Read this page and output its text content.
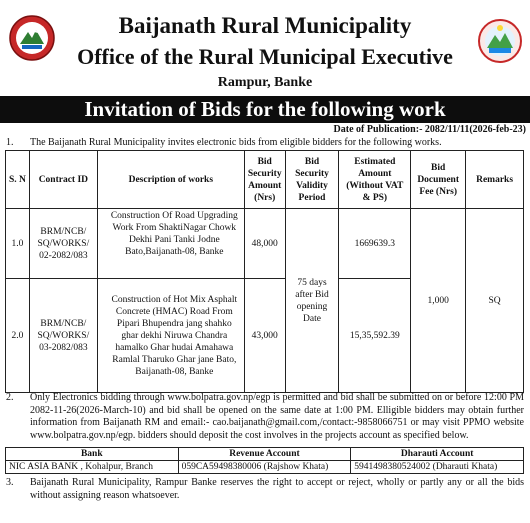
Baijanath Rural Municipality
Office of the Rural Municipal Executive
Rampur, Banke
Invitation of Bids for the following work
Date of Publication:- 2082/11/11(2026-feb-23)
1. The Baijanath Rural Municipality invites electronic bids from eligible bidders for the following works.
S. N	Contract ID	Description of works	Bid Security Amount (Nrs)	Bid Security Validity Period	Estimated Amount (Without VAT & PS)	Bid Document Fee (Nrs)	Remarks
1.0	BRM/NCB/ SQ/WORKS/ 02-2082/083	Construction Of Road Upgrading Work From ShaktiNagar Chowk Dekhi Pani Tanki Jodne Bato,Baijanath-08, Banke	48,000	75 days after Bid opening Date	1669639.3	1,000	SQ
2.0	BRM/NCB/ SQ/WORKS/ 03-2082/083	Construction of Hot Mix Asphalt Concrete (HMAC) Road From Pipari Bhupendra jang shahko ghar dekhi Niruwa Chandra hamalko Ghar hudai Amahawa Ramlal Tharuko Ghar jane Bato, Baijanath-08, Banke	43,000		15,35,592.39		
2. Only Electronics bidding through www.bolpatra.gov.np/egp is permitted and bid shall be submitted on or before 12:00 PM 2082-11-26(2026-March-10) and bid shall be opened on the same date at 1:00 PM. Elligible bidders may obtain further information from Baijanath RM and email:- cao.baijanath@gmail.com,/contact:-9858066751 or may visit PPMO website www.bolpatra.gov.np/egp. bidders should deposit the cost involves in the projects account as specified below.
Bank	Revenue Account	Dharauti Account
NIC ASIA BANK , Kohalpur, Branch	059CA59498380006 (Rajshow Khata)	5941498380524002 (Dharauti Khata)
3. Baijanath Rural Municipality, Rampur Banke reserves the right to accept or reject, wholly or partly any or all the bids without assigning reason whatsoever.
